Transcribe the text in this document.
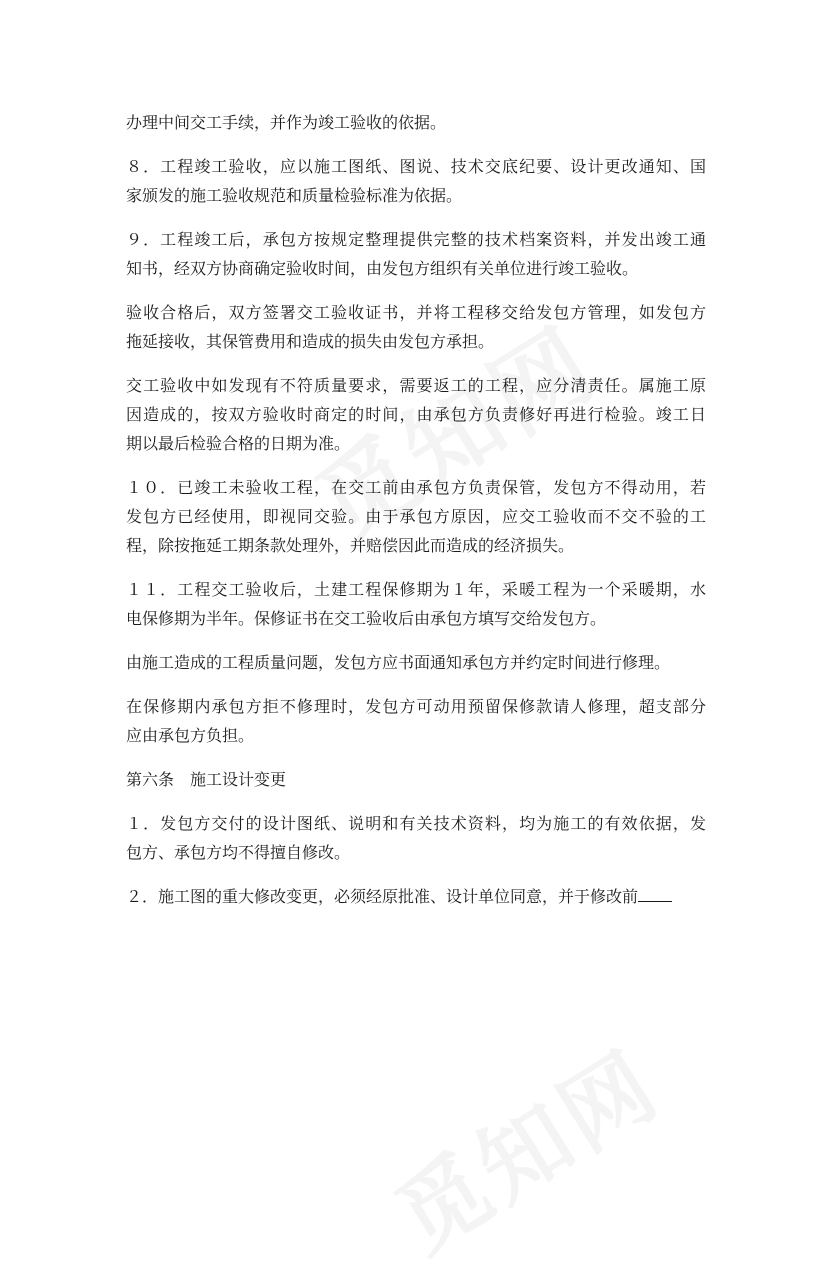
办理中间交工手续，并作为竣工验收的依据。
８．工程竣工验收，应以施工图纸、图说、技术交底纪要、设计更改通知、国
家颁发的施工验收规范和质量检验标准为依据。
９．工程竣工后，承包方按规定整理提供完整的技术档案资料，并发出竣工通
知书，经双方协商确定验收时间，由发包方组织有关单位进行竣工验收。
验收合格后，双方签署交工验收证书，并将工程移交给发包方管理，如发包方
拖延接收，其保管费用和造成的损失由发包方承担。
交工验收中如发现有不符质量要求，需要返工的工程，应分清责任。属施工原
因造成的，按双方验收时商定的时间，由承包方负责修好再进行检验。竣工日
期以最后检验合格的日期为准。
１０．已竣工未验收工程，在交工前由承包方负责保管，发包方不得动用，若
发包方已经使用，即视同交验。由于承包方原因，应交工验收而不交不验的工
程，除按拖延工期条款处理外，并赔偿因此而造成的经济损失。
１１．工程交工验收后，土建工程保修期为１年，采暖工程为一个采暖期，水
电保修期为半年。保修证书在交工验收后由承包方填写交给发包方。
由施工造成的工程质量问题，发包方应书面通知承包方并约定时间进行修理。
在保修期内承包方拒不修理时，发包方可动用预留保修款请人修理，超支部分
应由承包方负担。
第六条 施工设计变更
１．发包方交付的设计图纸、说明和有关技术资料，均为施工的有效依据，发
包方、承包方均不得擅自修改。
２．施工图的重大修改变更，必须经原批准、设计单位同意，并于修改前
